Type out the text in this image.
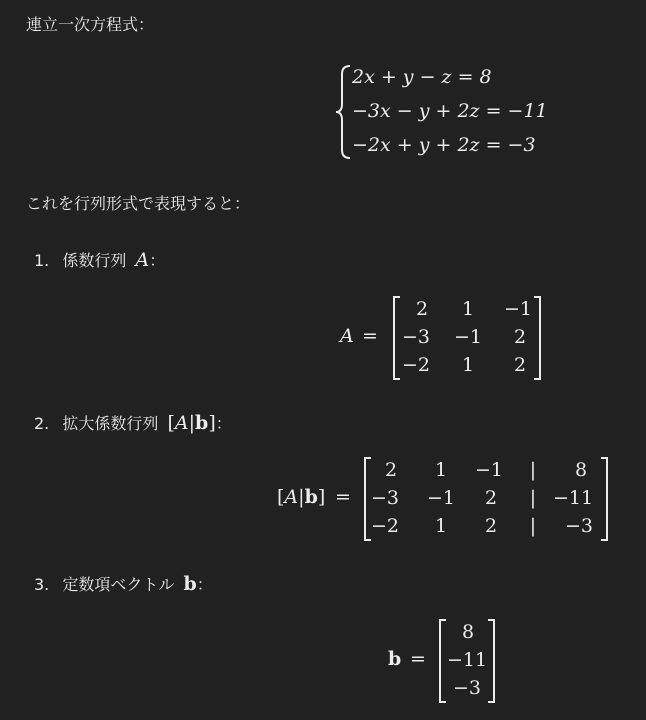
連立一次方程式：
2x + y − z = 8
−3x − y + 2z = −11
−2x + y + 2z = −3
これを行列形式で表現すると：
1. 係数行列 A：
A =
2 1 −1
−3 −1 2
−2 1 2
2. 拡大係数行列 [A|b]：
[A|b] =
2 1 −1 | 8
−3 −1 2 | −11
−2 1 2 | −3
3. 定数項ベクトル b：
b =
8
−11
−3
